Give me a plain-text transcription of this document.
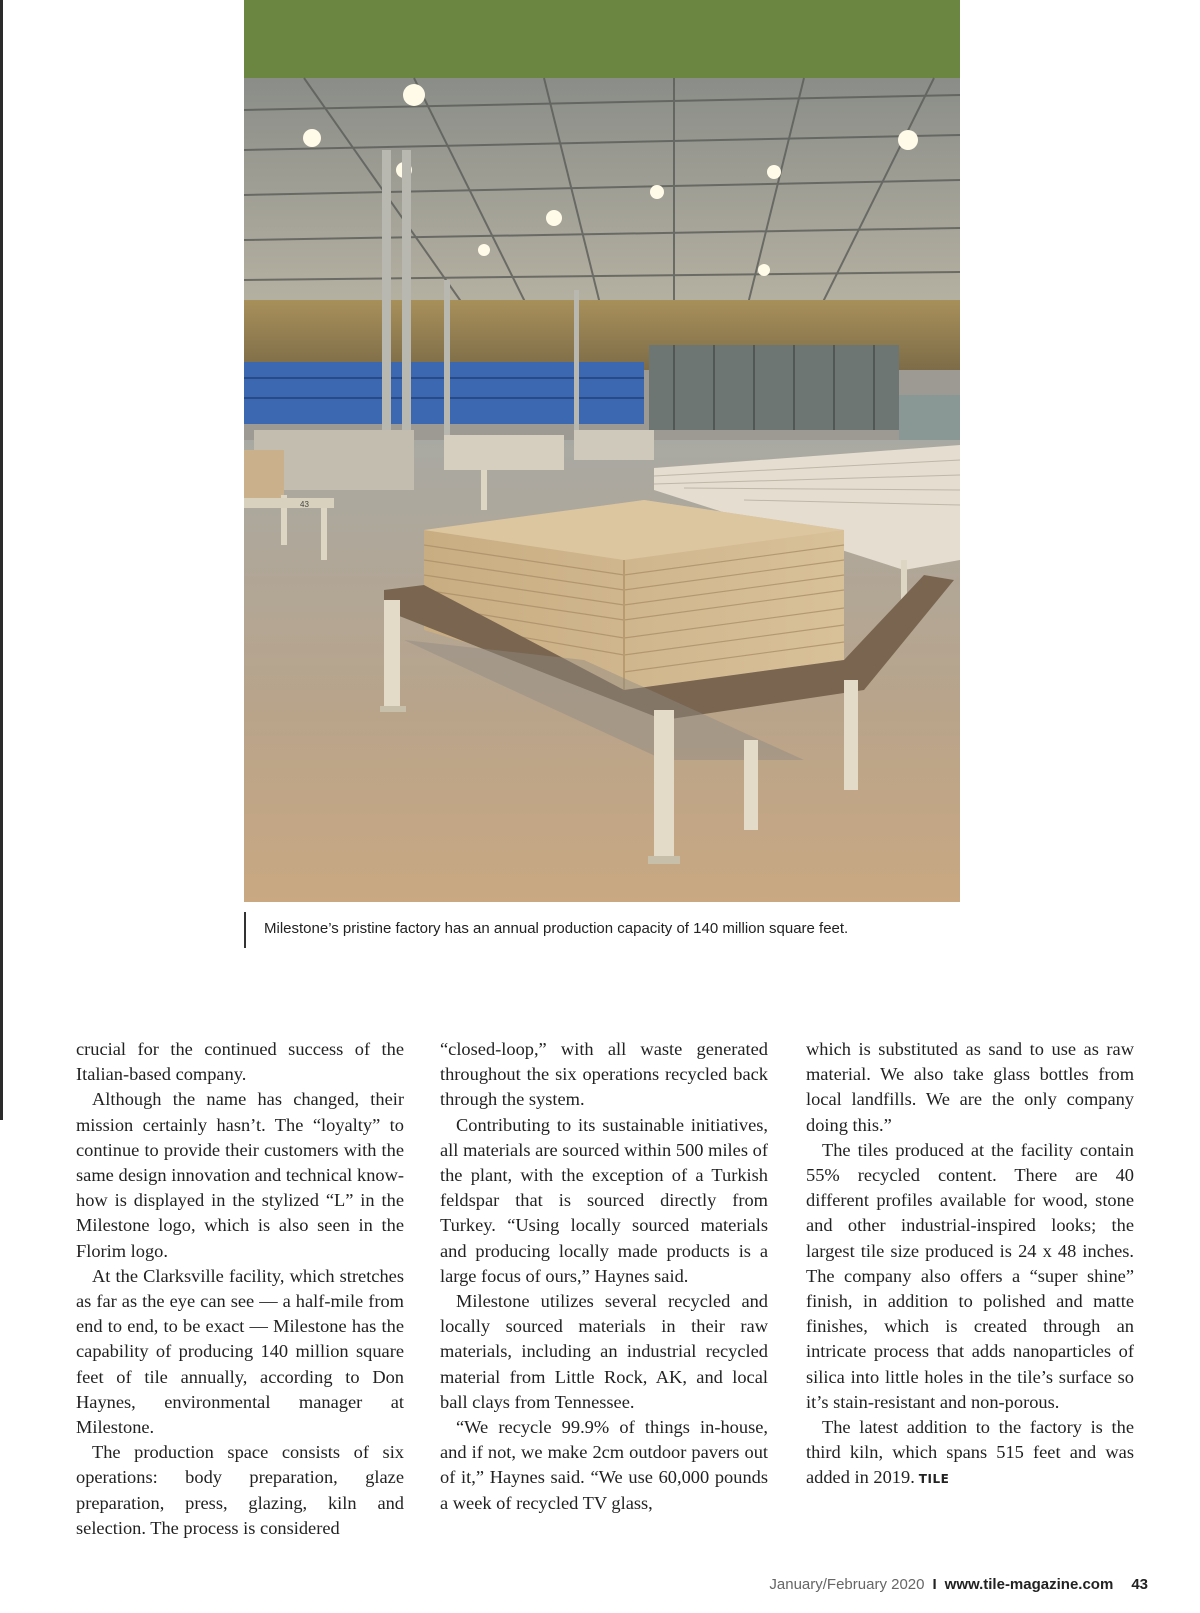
43
Milestone’s pristine factory has an annual production capacity of 140 million square feet.

crucial for the continued success of the Italian-based company.

Although the name has changed, their mission certainly hasn’t. The “loyalty” to continue to provide their customers with the same design innovation and technical know-how is displayed in the stylized “L” in the Milestone logo, which is also seen in the Florim logo.

At the Clarksville facility, which stretches as far as the eye can see — a half-mile from end to end, to be exact — Milestone has the capability of producing 140 million square feet of tile annually, according to Don Haynes, environmental manager at Milestone.

The production space consists of six operations: body preparation, glaze preparation, press, glazing, kiln and selection. The process is considered

“closed-loop,” with all waste generated throughout the six operations recycled back through the system.

Contributing to its sustainable initiatives, all materials are sourced within 500 miles of the plant, with the exception of a Turkish feldspar that is sourced directly from Turkey. “Using locally sourced materials and producing locally made products is a large focus of ours,” Haynes said.

Milestone utilizes several recycled and locally sourced materials in their raw materials, including an industrial recycled material from Little Rock, AK, and local ball clays from Tennessee.

“We recycle 99.9% of things in-house, and if not, we make 2cm outdoor pavers out of it,” Haynes said. “We use 60,000 pounds a week of recycled TV glass,

which is substituted as sand to use as raw material. We also take glass bottles from local landfills. We are the only company doing this.”

The tiles produced at the facility contain 55% recycled content. There are 40 different profiles available for wood, stone and other industrial-inspired looks; the largest tile size produced is 24 x 48 inches. The company also offers a “super shine” finish, in addition to polished and matte finishes, which is created through an intricate process that adds nanoparticles of silica into little holes in the tile’s surface so it’s stain-resistant and non-porous.

The latest addition to the factory is the third kiln, which spans 515 feet and was added in 2019. TILE

January/February 2020 I www.tile-magazine.com 43
